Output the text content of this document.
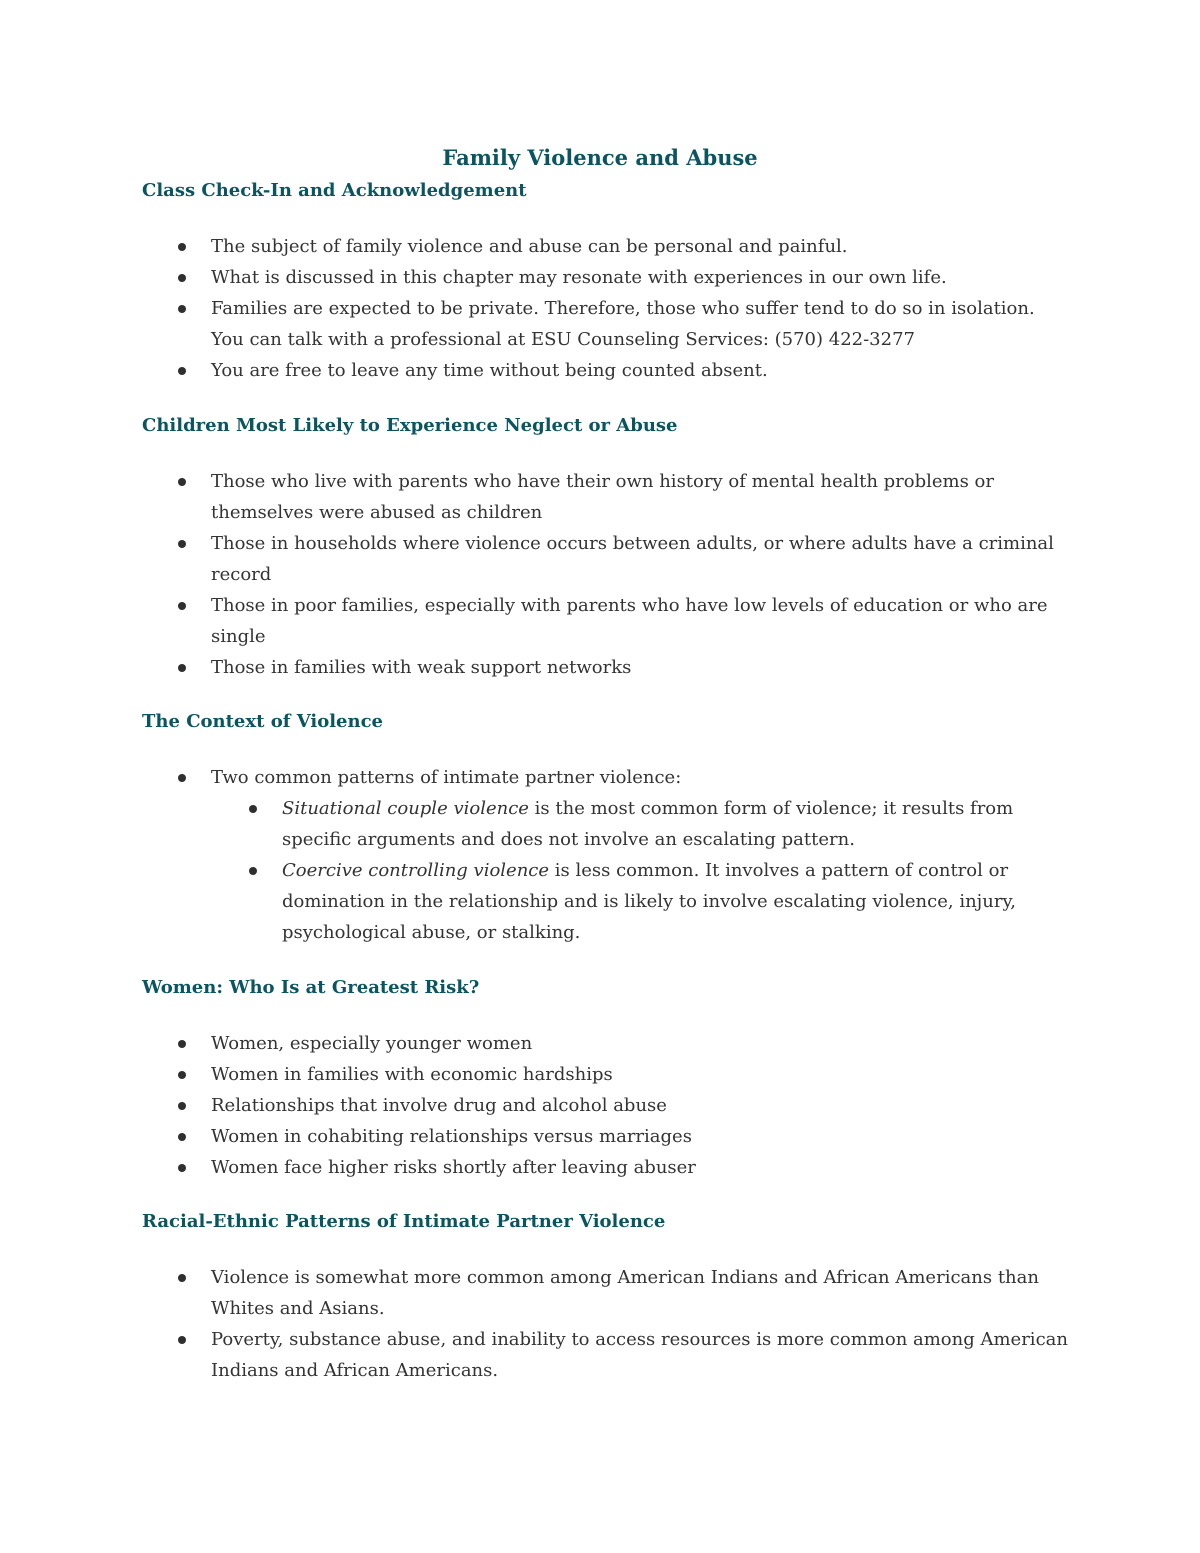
Family Violence and Abuse
Class Check-In and Acknowledgement
The subject of family violence and abuse can be personal and painful.
What is discussed in this chapter may resonate with experiences in our own life.
Families are expected to be private. Therefore, those who suffer tend to do so in isolation. You can talk with a professional at ESU Counseling Services: (570) 422-3277
You are free to leave any time without being counted absent.
Children Most Likely to Experience Neglect or Abuse
Those who live with parents who have their own history of mental health problems or themselves were abused as children
Those in households where violence occurs between adults, or where adults have a criminal record
Those in poor families, especially with parents who have low levels of education or who are single
Those in families with weak support networks
The Context of Violence
Two common patterns of intimate partner violence:
Situational couple violence is the most common form of violence; it results from specific arguments and does not involve an escalating pattern.
Coercive controlling violence is less common. It involves a pattern of control or domination in the relationship and is likely to involve escalating violence, injury, psychological abuse, or stalking.
Women: Who Is at Greatest Risk?
Women, especially younger women
Women in families with economic hardships
Relationships that involve drug and alcohol abuse
Women in cohabiting relationships versus marriages
Women face higher risks shortly after leaving abuser
Racial-Ethnic Patterns of Intimate Partner Violence
Violence is somewhat more common among American Indians and African Americans than Whites and Asians.
Poverty, substance abuse, and inability to access resources is more common among American Indians and African Americans.
